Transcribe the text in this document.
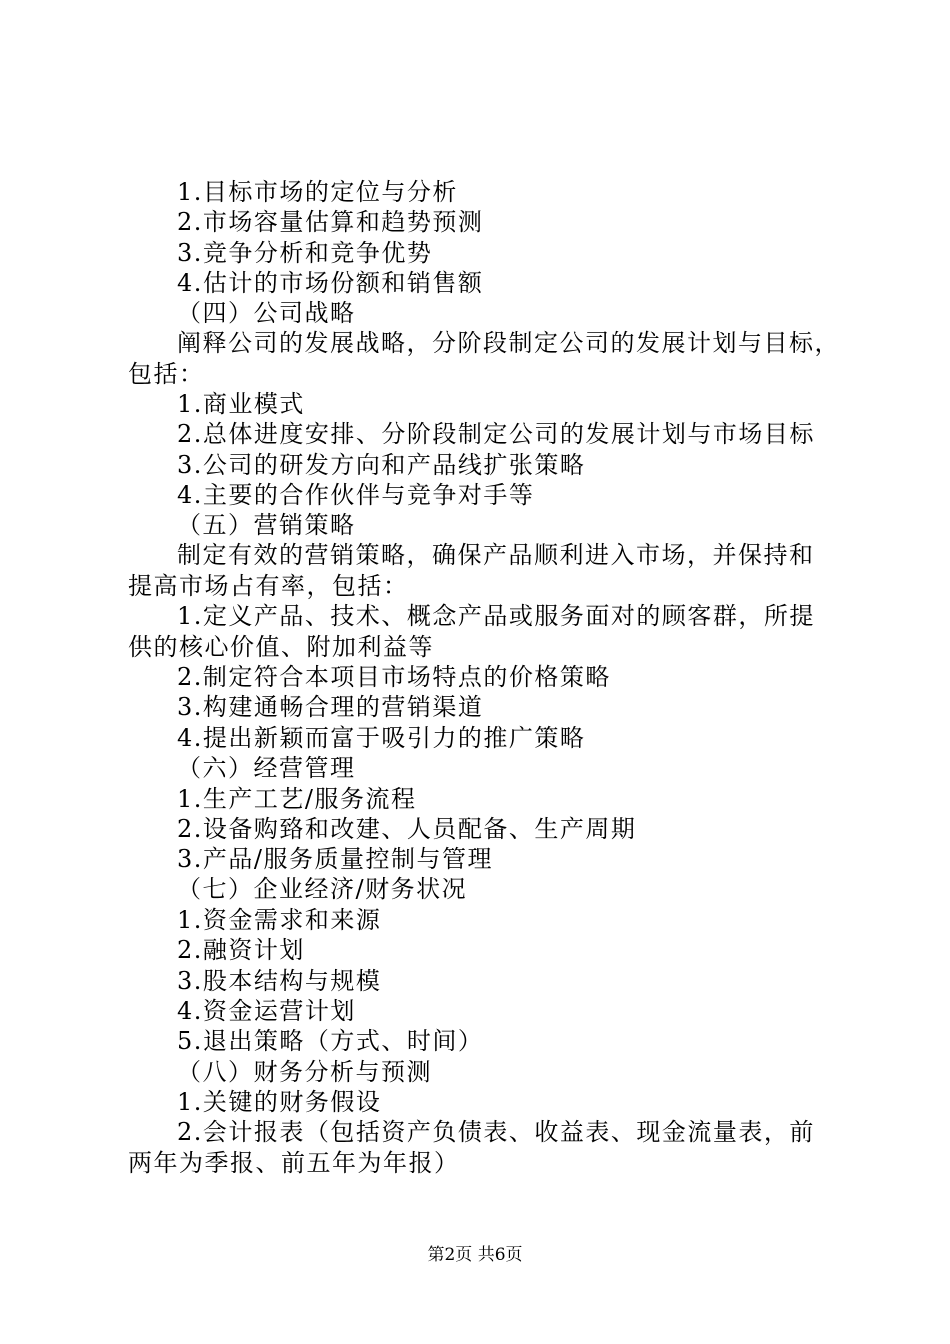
1.目标市场的定位与分析
2.市场容量估算和趋势预测
3.竞争分析和竞争优势
4.估计的市场份额和销售额
（四）公司战略
阐释公司的发展战略，分阶段制定公司的发展计划与目标，
包括：
1.商业模式
2.总体进度安排、分阶段制定公司的发展计划与市场目标
3.公司的研发方向和产品线扩张策略
4.主要的合作伙伴与竞争对手等
（五）营销策略
制定有效的营销策略，确保产品顺利进入市场，并保持和
提高市场占有率，包括：
1.定义产品、技术、概念产品或服务面对的顾客群，所提
供的核心价值、附加利益等
2.制定符合本项目市场特点的价格策略
3.构建通畅合理的营销渠道
4.提出新颖而富于吸引力的推广策略
（六）经营管理
1.生产工艺/服务流程
2.设备购臵和改建、人员配备、生产周期
3.产品/服务质量控制与管理
（七）企业经济/财务状况
1.资金需求和来源
2.融资计划
3.股本结构与规模
4.资金运营计划
5.退出策略（方式、时间）
（八）财务分析与预测
1.关键的财务假设
2.会计报表（包括资产负债表、收益表、现金流量表，前
两年为季报、前五年为年报）
第2页 共6页
